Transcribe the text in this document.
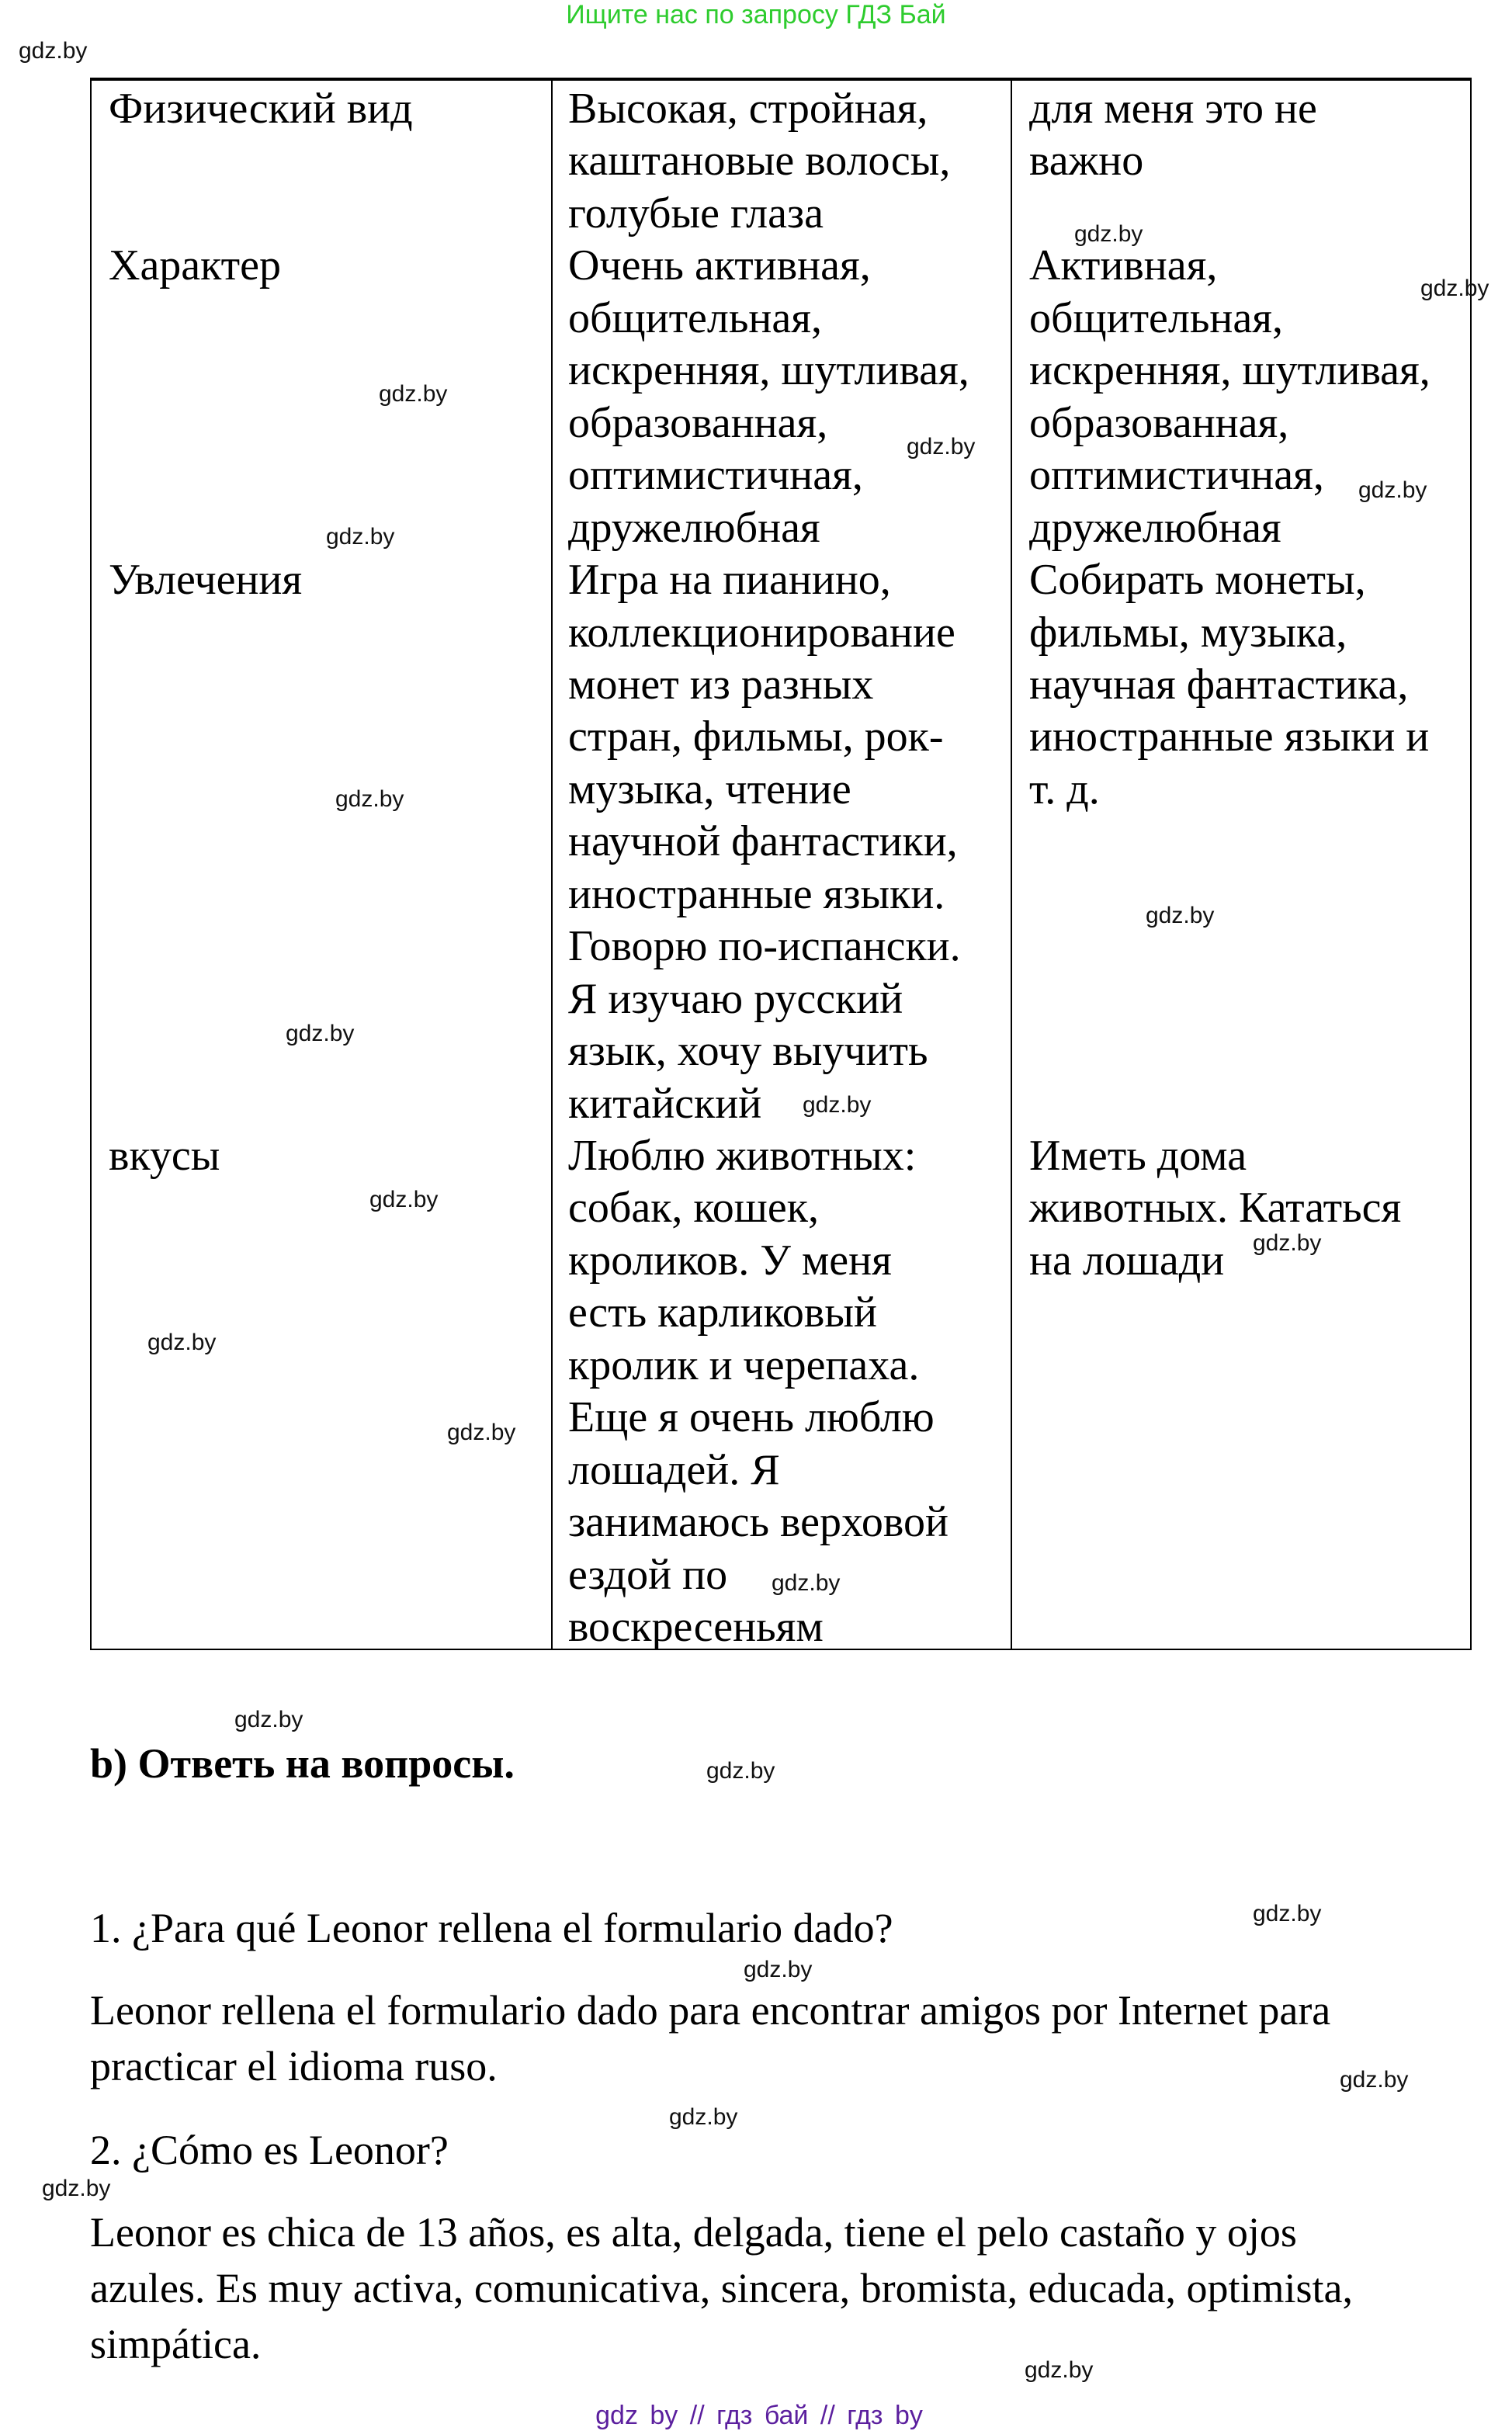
Ищите нас по запросу ГДЗ Бай
Физический вид
Характер
Увлечения
вкусы
Высокая, стройная,
каштановые волосы,
голубые глаза
Очень активная,
общительная,
искренняя, шутливая,
образованная,
оптимистичная,
дружелюбная
Игра на пианино,
коллекционирование
монет из разных
стран, фильмы, рок-
музыка, чтение
научной фантастики,
иностранные языки.
Говорю по-испански.
Я изучаю русский
язык, хочу выучить
китайский
Люблю животных:
собак, кошек,
кроликов. У меня
есть карликовый
кролик и черепаха.
Еще я очень люблю
лошадей. Я
занимаюсь верховой
ездой по
воскресеньям
для меня это не
важно
Активная,
общительная,
искренняя, шутливая,
образованная,
оптимистичная,
дружелюбная
Собирать монеты,
фильмы, музыка,
научная фантастика,
иностранные языки и
т. д.
Иметь дома
животных. Кататься
на лошади
b) Ответь на вопросы.
1. ¿Para qué Leonor rellena el formulario dado?
Leonor rellena el formulario dado para encontrar amigos por Internet para
practicar el idioma ruso.
2. ¿Cómo es Leonor?
Leonor es chica de 13 años, es alta, delgada, tiene el pelo castaño y ojos
azules. Es muy activa, comunicativa, sincera, bromista, educada, optimista,
simpática.
gdz.by
gdz.by
gdz.by
gdz.by
gdz.by
gdz.by
gdz.by
gdz.by
gdz.by
gdz.by
gdz.by
gdz.by
gdz.by
gdz.by
gdz.by
gdz.by
gdz.by
gdz.by
gdz.by
gdz.by
gdz.by
gdz.by
gdz.by
gdz.by
gdz by // гдз бай // гдз by
